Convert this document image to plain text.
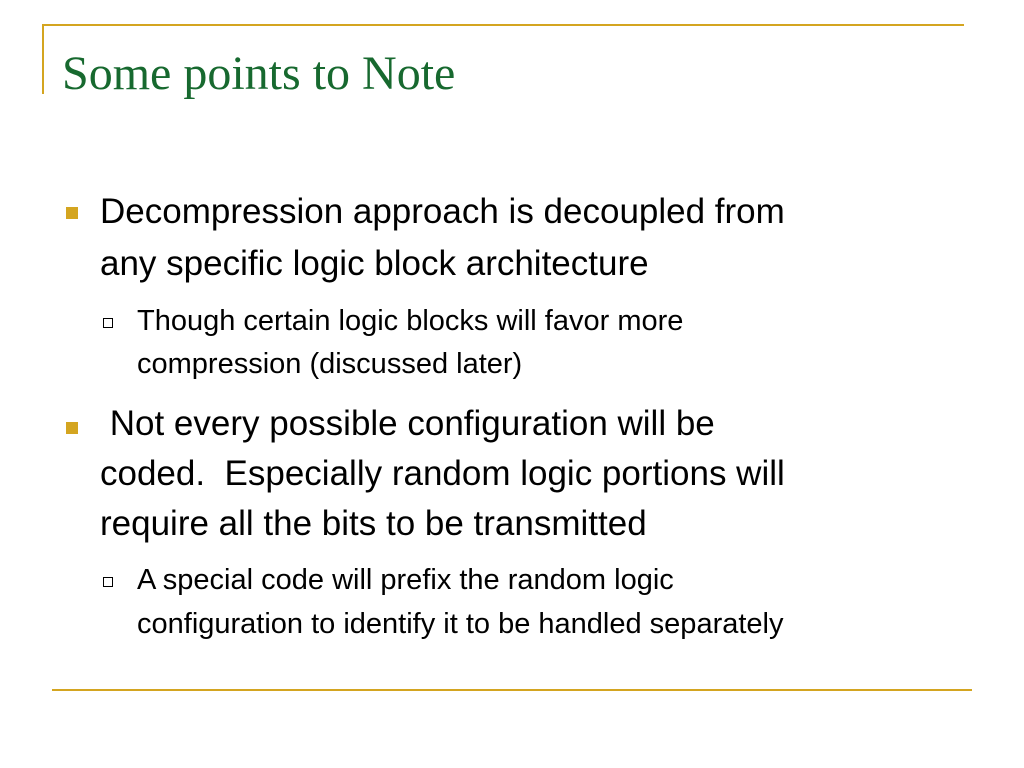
Some points to Note

Decompression approach is decoupled from

any specific logic block architecture

Though certain logic blocks will favor more

compression (discussed later)

Not every possible configuration will be

coded.  Especially random logic portions will

require all the bits to be transmitted

A special code will prefix the random logic

configuration to identify it to be handled separately
